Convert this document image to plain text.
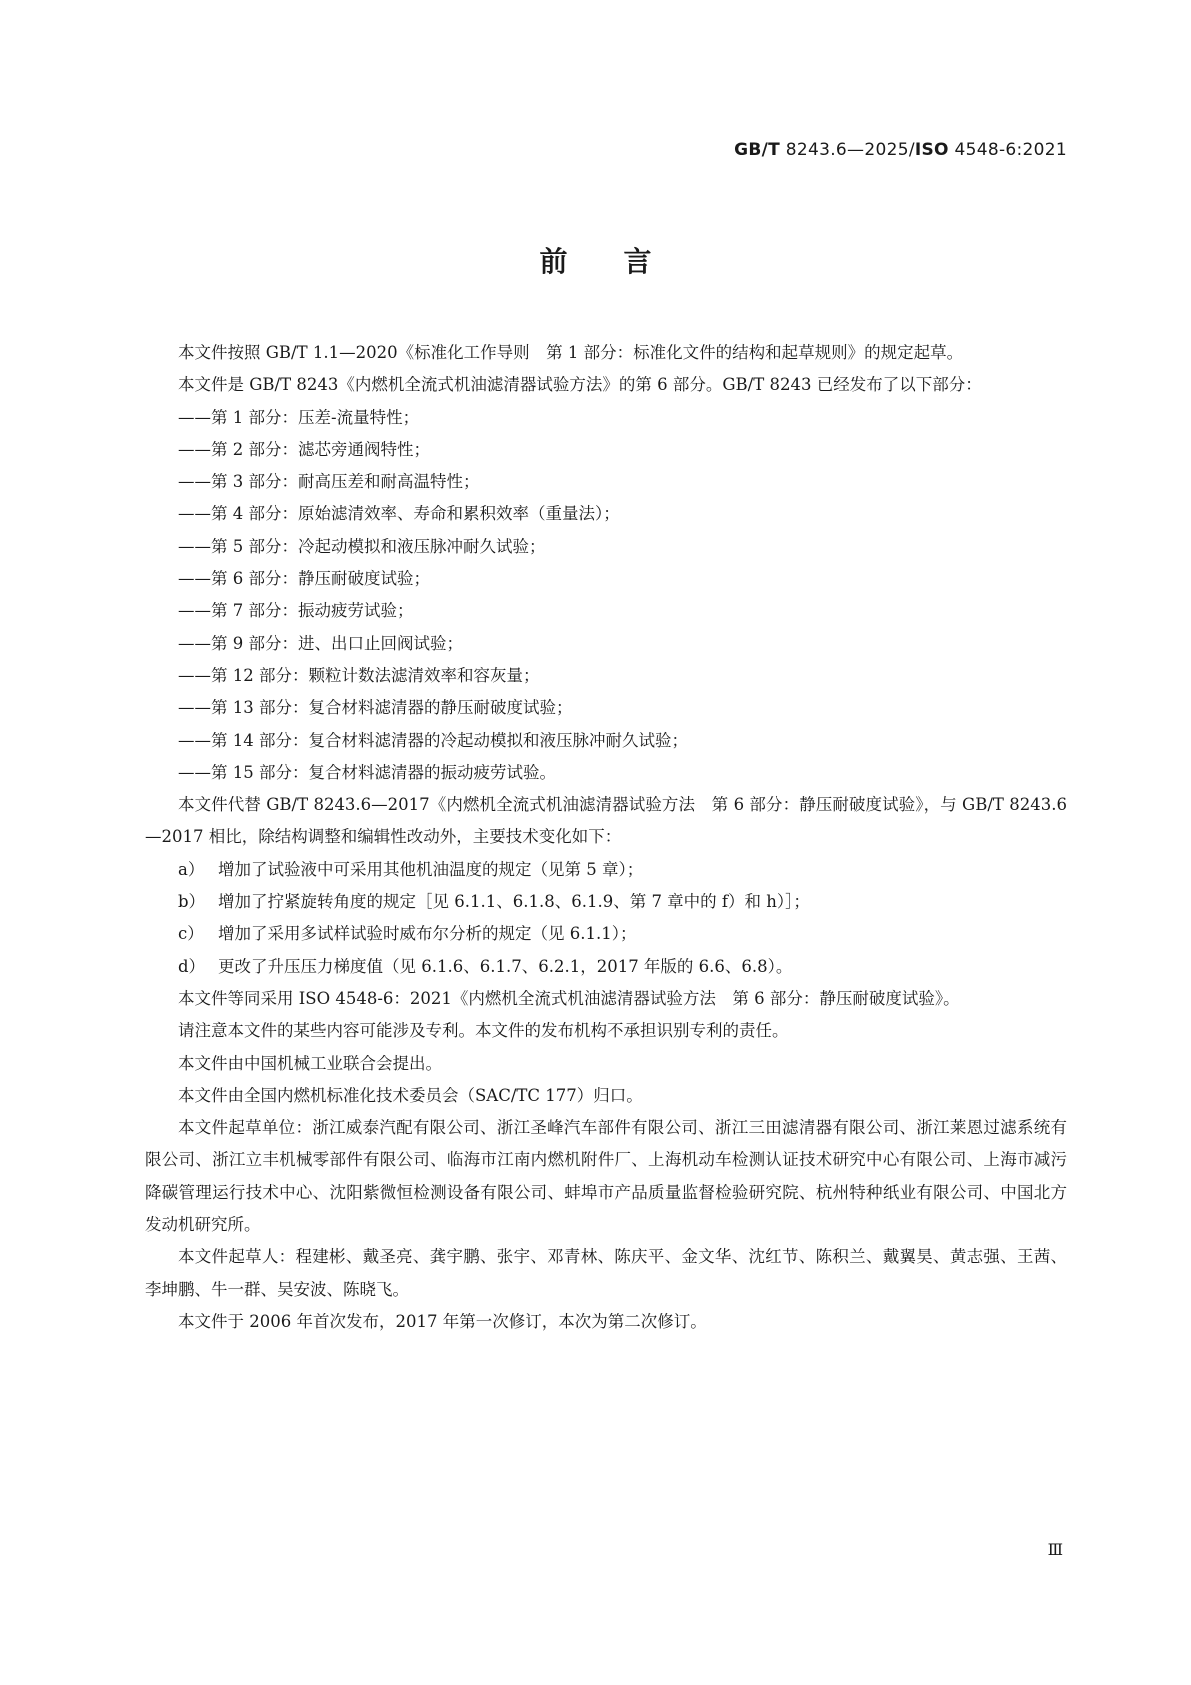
GB/T 8243.6—2025/ISO 4548-6:2021
前言

本文件按照 GB/T 1.1—2020《标准化工作导则　第 1 部分：标准化文件的结构和起草规则》的规定起草。

本文件是 GB/T 8243《内燃机全流式机油滤清器试验方法》的第 6 部分。GB/T 8243 已经发布了以下部分：

——第 1 部分：压差-流量特性；

——第 2 部分：滤芯旁通阀特性；

——第 3 部分：耐高压差和耐高温特性；

——第 4 部分：原始滤清效率、寿命和累积效率（重量法）；

——第 5 部分：冷起动模拟和液压脉冲耐久试验；

——第 6 部分：静压耐破度试验；

——第 7 部分：振动疲劳试验；

——第 9 部分：进、出口止回阀试验；

——第 12 部分：颗粒计数法滤清效率和容灰量；

——第 13 部分：复合材料滤清器的静压耐破度试验；

——第 14 部分：复合材料滤清器的冷起动模拟和液压脉冲耐久试验；

——第 15 部分：复合材料滤清器的振动疲劳试验。

本文件代替 GB/T 8243.6—2017《内燃机全流式机油滤清器试验方法　第 6 部分：静压耐破度试验》，与 GB/T 8243.6—2017 相比，除结构调整和编辑性改动外，主要技术变化如下：

a） 增加了试验液中可采用其他机油温度的规定（见第 5 章）；

b） 增加了拧紧旋转角度的规定［见 6.1.1、6.1.8、6.1.9、第 7 章中的 f）和 h）］；

c） 增加了采用多试样试验时威布尔分析的规定（见 6.1.1）；

d） 更改了升压压力梯度值（见 6.1.6、6.1.7、6.2.1，2017 年版的 6.6、6.8）。

本文件等同采用 ISO 4548-6：2021《内燃机全流式机油滤清器试验方法　第 6 部分：静压耐破度试验》。

请注意本文件的某些内容可能涉及专利。本文件的发布机构不承担识别专利的责任。

本文件由中国机械工业联合会提出。

本文件由全国内燃机标准化技术委员会（SAC/TC 177）归口。

本文件起草单位：浙江威泰汽配有限公司、浙江圣峰汽车部件有限公司、浙江三田滤清器有限公司、浙江莱恩过滤系统有限公司、浙江立丰机械零部件有限公司、临海市江南内燃机附件厂、上海机动车检测认证技术研究中心有限公司、上海市减污降碳管理运行技术中心、沈阳紫微恒检测设备有限公司、蚌埠市产品质量监督检验研究院、杭州特种纸业有限公司、中国北方发动机研究所。

本文件起草人：程建彬、戴圣亮、龚宇鹏、张宇、邓青林、陈庆平、金文华、沈红节、陈积兰、戴翼昊、黄志强、王茜、李坤鹏、牛一群、吴安波、陈晓飞。

本文件于 2006 年首次发布，2017 年第一次修订，本次为第二次修订。

Ⅲ
